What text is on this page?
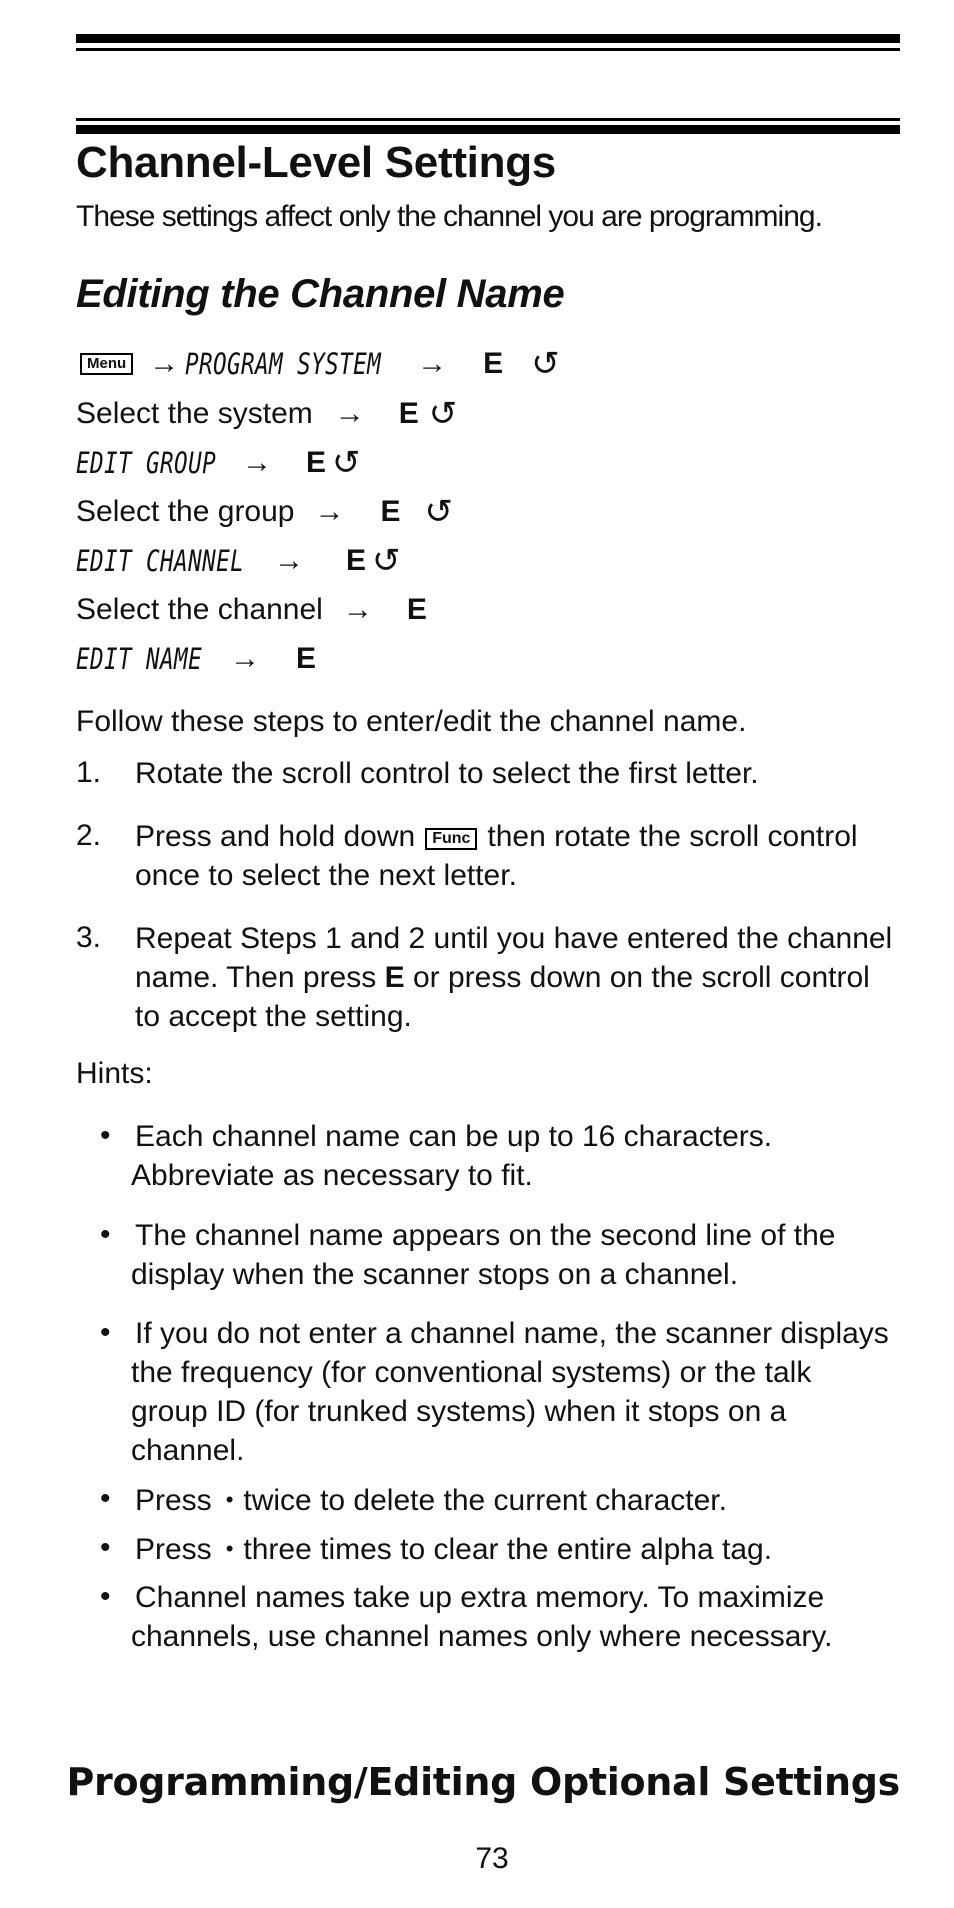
Channel-Level Settings
These settings affect only the channel you are programming.
Editing the Channel Name
Menu → PROGRAM SYSTEM → E ↺
Select the system → E ↺
EDIT GROUP → E ↺
Select the group → E ↺
EDIT CHANNEL → E ↺
Select the channel → E
EDIT NAME → E
Follow these steps to enter/edit the channel name.
1. Rotate the scroll control to select the first letter.
2. Press and hold down Func then rotate the scroll control once to select the next letter.
3. Repeat Steps 1 and 2 until you have entered the channel name. Then press E or press down on the scroll control to accept the setting.
Hints:
• Each channel name can be up to 16 characters. Abbreviate as necessary to fit.
• The channel name appears on the second line of the display when the scanner stops on a channel.
• If you do not enter a channel name, the scanner displays the frequency (for conventional systems) or the talk group ID (for trunked systems) when it stops on a channel.
• Press • twice to delete the current character.
• Press • three times to clear the entire alpha tag.
• Channel names take up extra memory. To maximize channels, use channel names only where necessary.
Programming/Editing Optional Settings
73
